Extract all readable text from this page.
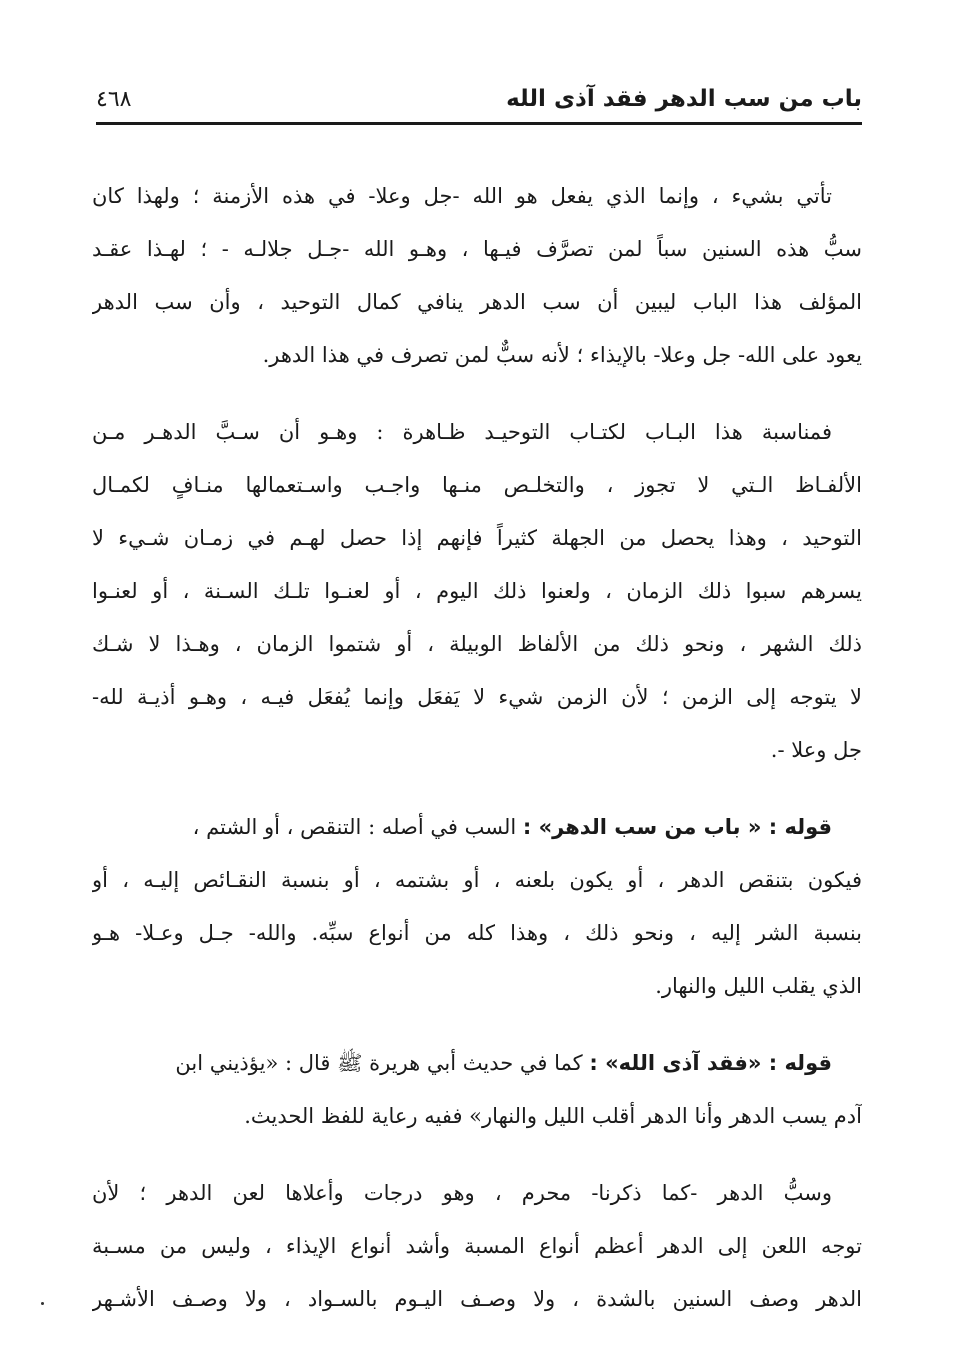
باب من سب الدهر فقد آذى الله
٤٦٨
تأتي بشيء ، وإنما الذي يفعل هو الله -جل وعلا- في هذه الأزمنة ؛ ولهذا كان
سبُّ هذه السنين سباً لمن تصرَّف فيـها ، وهـو الله -جـل جلالـه - ؛ لهـذا عقـد
المؤلف هذا الباب ليبين أن سب الدهر ينافي كمال التوحيد ، وأن سب الدهر
يعود على الله- جل وعلا- بالإيذاء ؛ لأنه سبٌّ لمن تصرف في هذا الدهر.
فمناسبة هذا البـاب لكتـاب التوحيـد ظـاهرة : وهـو أن سـبَّ الدهـر مـن
الألفـاظ الـتي لا تجوز ، والتخلـص منـها واجـب واسـتعمالها منـافٍ لكمـال
التوحيد ، وهذا يحصل من الجهلة كثيراً فإنهم إذا حصل لهـم في زمـان شـيء لا
يسرهم سبوا ذلك الزمان ، ولعنوا ذلك اليوم ، أو لعنـوا تلـك السـنة ، أو لعنـوا
ذلك الشهر ، ونحو ذلك من الألفاظ الوبيلة ، أو شتموا الزمان ، وهـذا لا شـك
لا يتوجه إلى الزمن ؛ لأن الزمن شيء لا يَفعَل وإنما يُفعَل فيـه ، وهـو أذيـة لله-
جل وعلا -.
قوله : « باب من سب الدهر» : السب في أصله : التنقص ، أو الشتم ،
فيكون بتنقص الدهر ، أو يكون بلعنه ، أو بشتمه ، أو بنسبة النقـائص إليـه ، أو
بنسبة الشر إليه ، ونحو ذلك ، وهذا كله من أنواع سبِّه. والله- جـل وعـلا- هـو
الذي يقلب الليل والنهار.
قوله : «فقد آذى الله» : كما في حديث أبي هريرة ﷺ قال : «يؤذيني ابن
آدم يسب الدهر وأنا الدهر أقلب الليل والنهار» ففيه رعاية للفظ الحديث.
وسبُّ الدهر -كما ذكرنا- محرم ، وهو درجات وأعلاها لعن الدهر ؛ لأن
توجه اللعن إلى الدهر أعظم أنواع المسبة وأشد أنواع الإيذاء ، وليس من مسـبة
الدهر وصف السنين بالشدة ، ولا وصـف اليـوم بالسـواد ، ولا وصـف الأشـهر
